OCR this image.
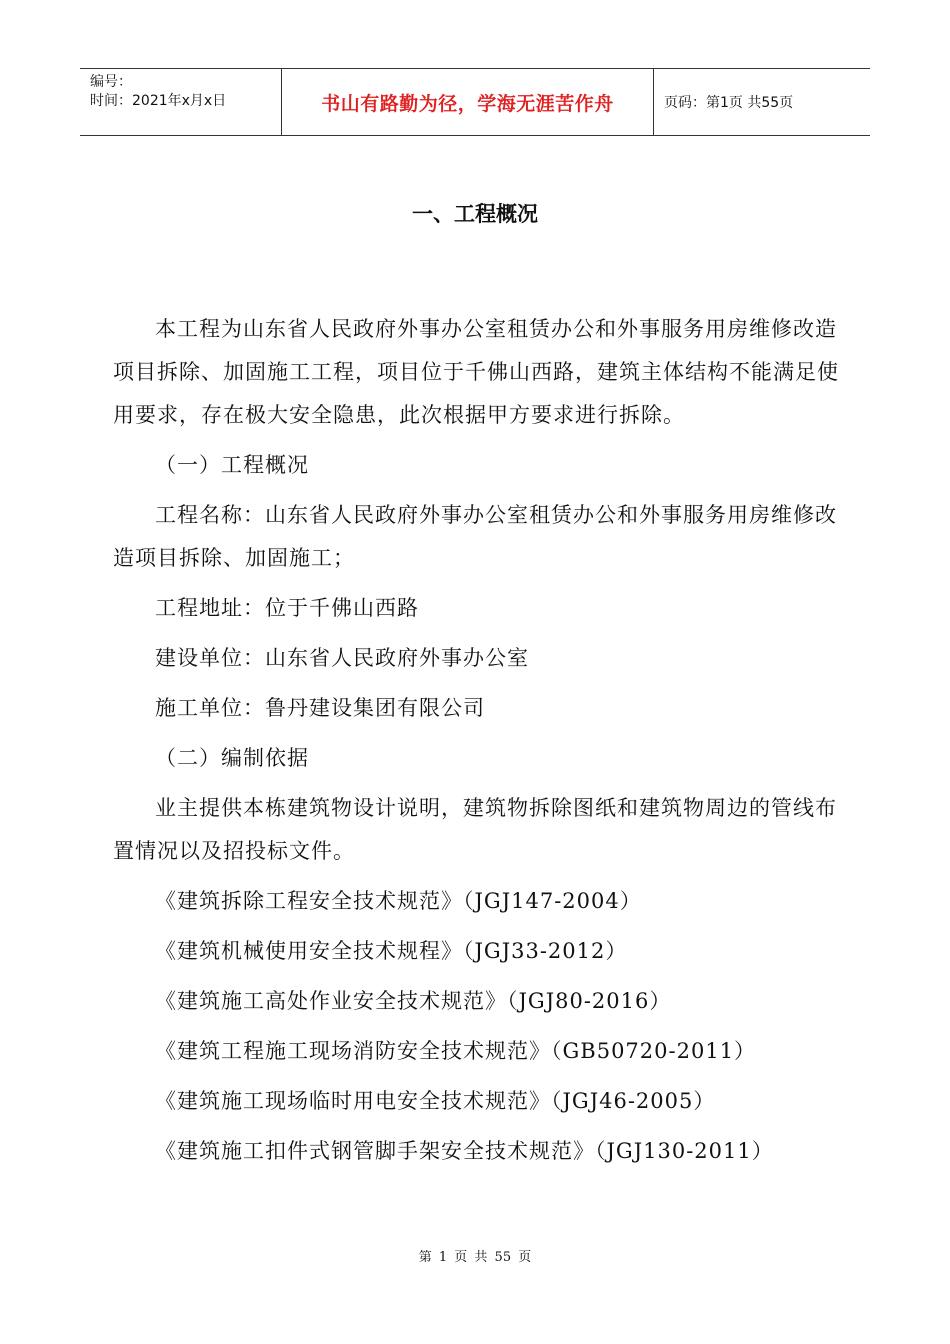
编号：
时间：2021年x月x日	书山有路勤为径，学海无涯苦作舟	页码：第1页 共55页
一、工程概况

本工程为山东省人民政府外事办公室租赁办公和外事服务用房维修改造项目拆除、加固施工工程，项目位于千佛山西路，建筑主体结构不能满足使用要求，存在极大安全隐患，此次根据甲方要求进行拆除。

（一）工程概况

工程名称：山东省人民政府外事办公室租赁办公和外事服务用房维修改造项目拆除、加固施工；

工程地址：位于千佛山西路

建设单位：山东省人民政府外事办公室

施工单位：鲁丹建设集团有限公司

（二）编制依据

业主提供本栋建筑物设计说明，建筑物拆除图纸和建筑物周边的管线布置情况以及招投标文件。

《建筑拆除工程安全技术规范》（JGJ147-2004）

《建筑机械使用安全技术规程》（JGJ33-2012）

《建筑施工高处作业安全技术规范》（JGJ80-2016）

《建筑工程施工现场消防安全技术规范》（GB50720-2011）

《建筑施工现场临时用电安全技术规范》（JGJ46-2005）

《建筑施工扣件式钢管脚手架安全技术规范》（JGJ130-2011）

第 1 页 共 55 页
